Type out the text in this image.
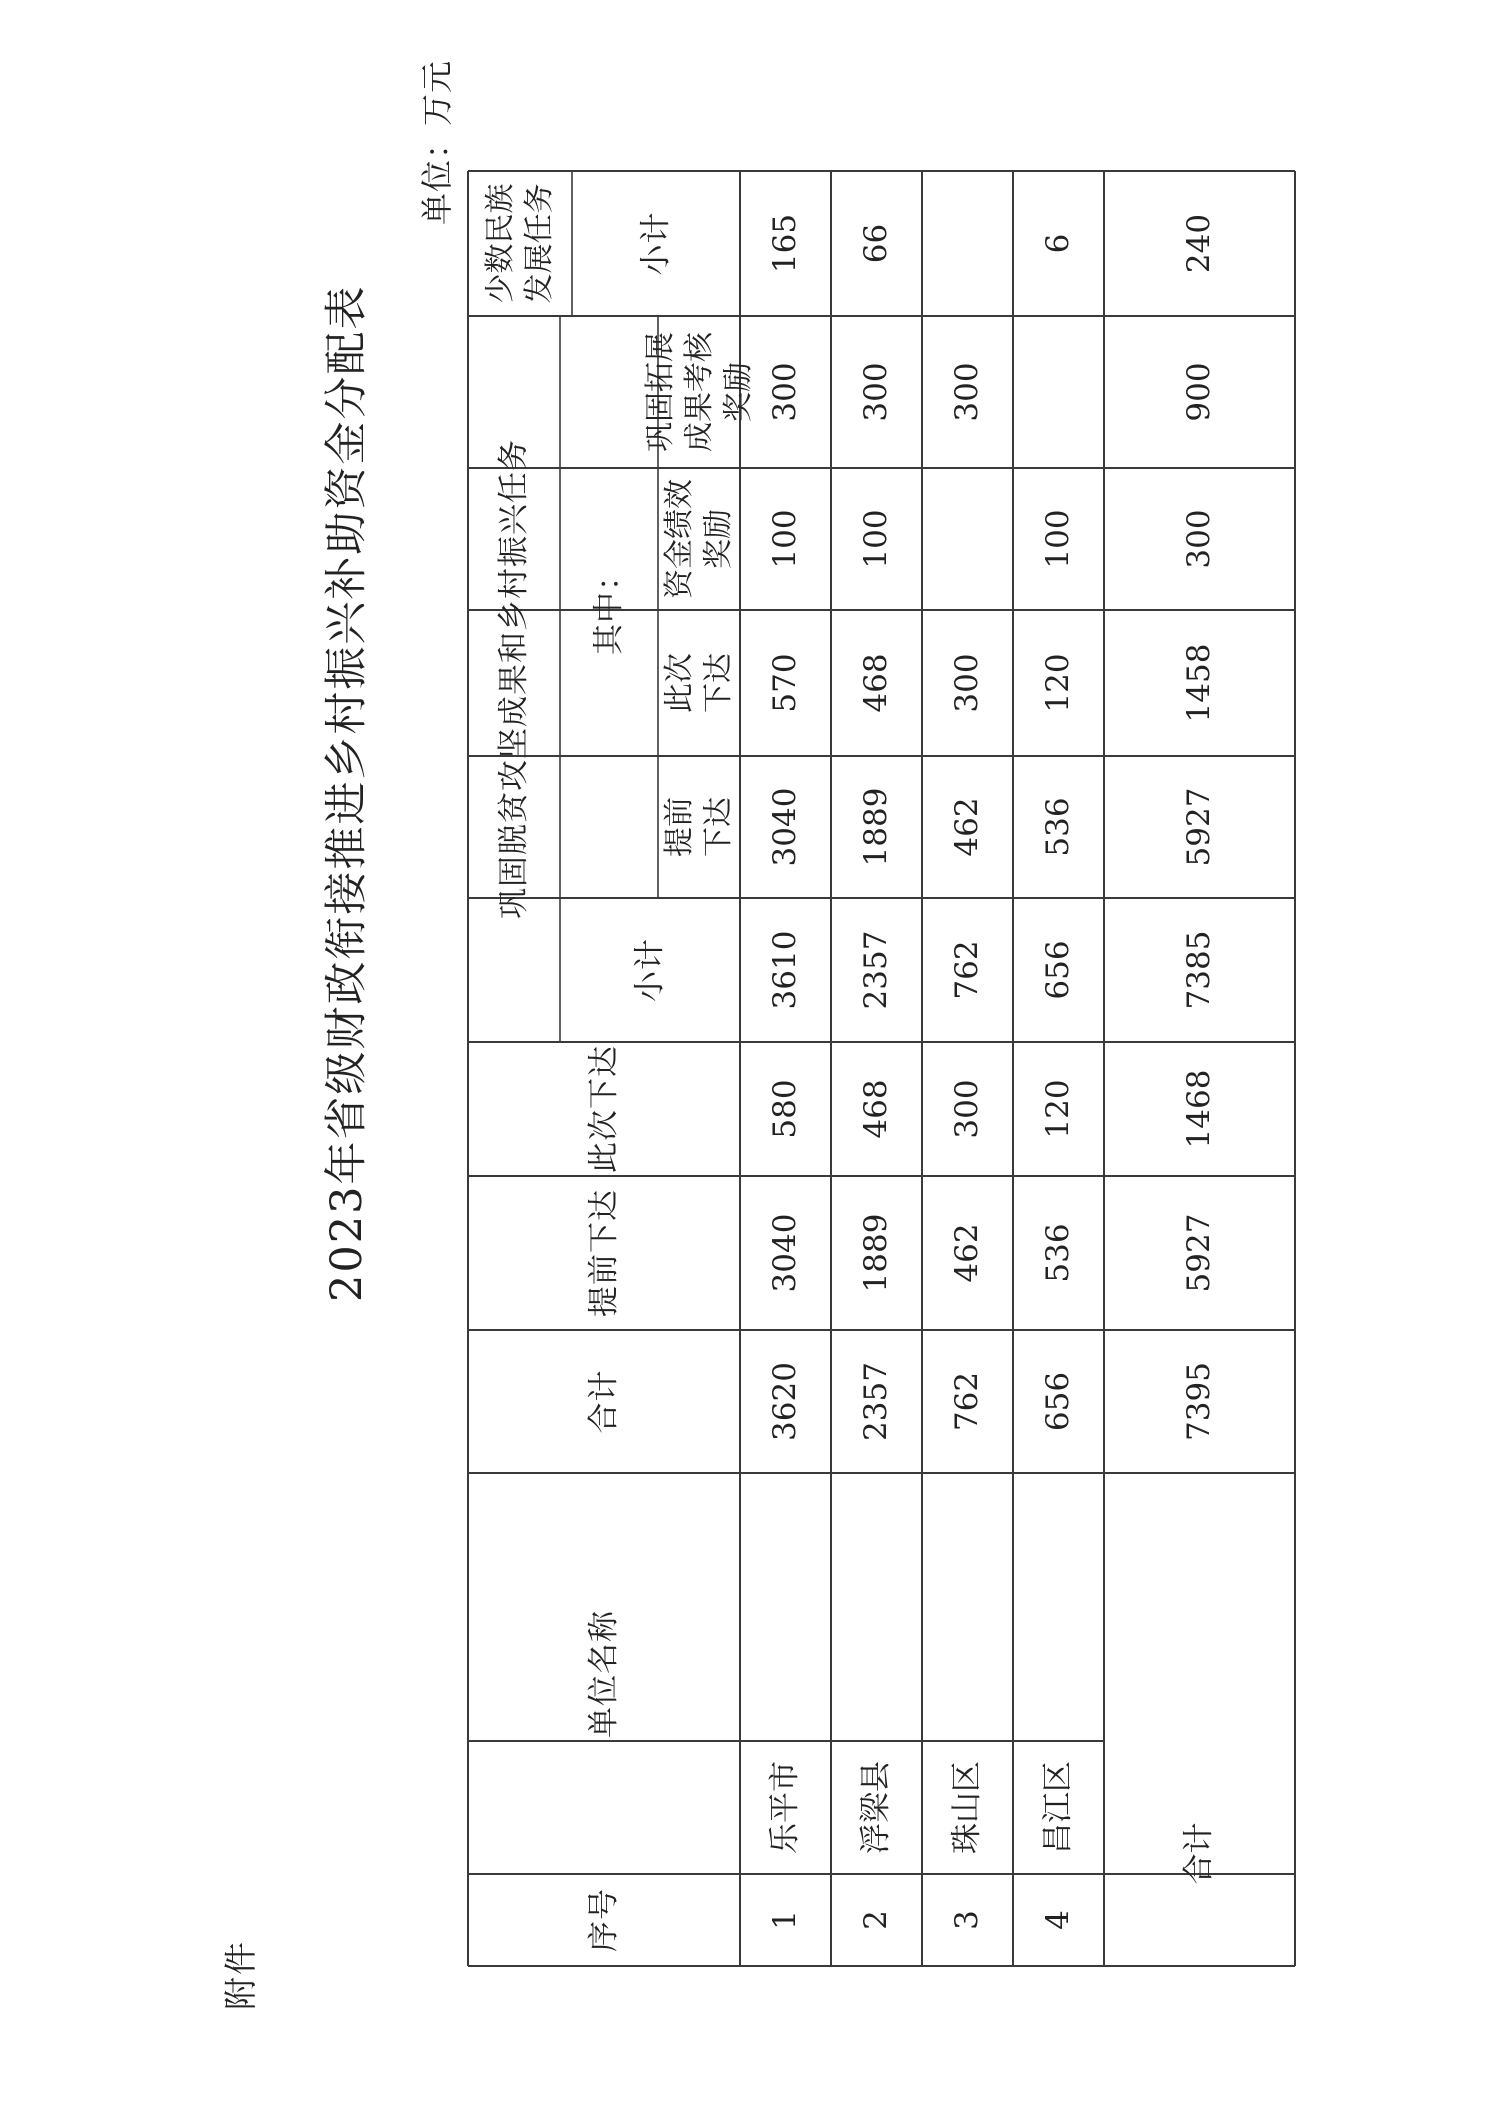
附件
2023年省级财政衔接推进乡村振兴补助资金分配表
单位：万元
序号
单位名称
合计
提前下达
此次下达
巩固脱贫攻坚成果和乡村振兴任务
小计
其中：
提前下达
此次下达
资金绩效奖励
巩固拓展成果考核奖励
少数民族发展任务	小计
1
乐平市
3620
3040
580
3610
3040
570
100
300
165
2
浮梁县
2357
1889
468
2357
1889
468
100
300
66
3
珠山区
762
462
300
762
462
300
300
4
昌江区
656
536
120
656
536
120
100
6
合计
7395
5927
1468
7385
5927
1458
300
900
240
